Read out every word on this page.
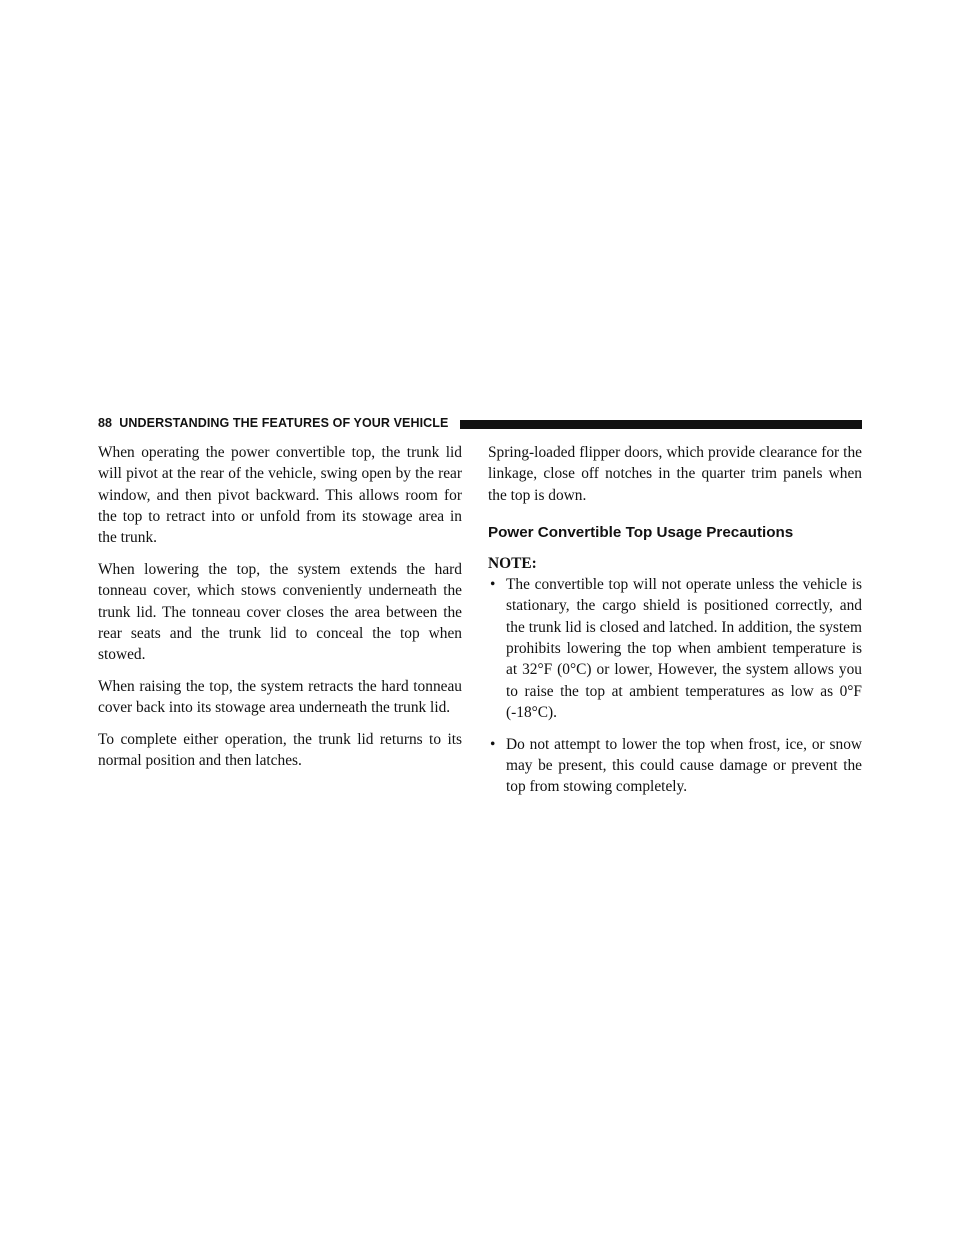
88 UNDERSTANDING THE FEATURES OF YOUR VEHICLE

When operating the power convertible top, the trunk lid will pivot at the rear of the vehicle, swing open by the rear window, and then pivot backward. This allows room for the top to retract into or unfold from its stowage area in the trunk.

When lowering the top, the system extends the hard tonneau cover, which stows conveniently underneath the trunk lid. The tonneau cover closes the area between the rear seats and the trunk lid to conceal the top when stowed.

When raising the top, the system retracts the hard tonneau cover back into its stowage area underneath the trunk lid.

To complete either operation, the trunk lid returns to its normal position and then latches.

Spring-loaded flipper doors, which provide clearance for the linkage, close off notches in the quarter trim panels when the top is down.

Power Convertible Top Usage Precautions
NOTE:
• The convertible top will not operate unless the vehicle is stationary, the cargo shield is positioned correctly, and the trunk lid is closed and latched. In addition, the system prohibits lowering the top when ambient temperature is at 32°F (0°C) or lower, However, the system allows you to raise the top at ambient temperatures as low as 0°F (-18°C).
• Do not attempt to lower the top when frost, ice, or snow may be present, this could cause damage or prevent the top from stowing completely.
